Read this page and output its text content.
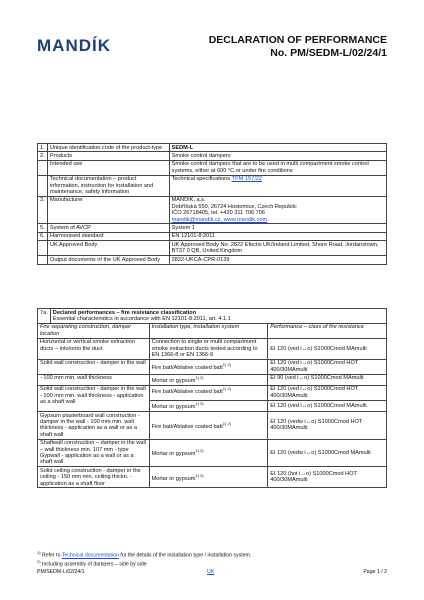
MANDÍK	DECLARATION OF PERFORMANCE
No. PM/SEDM-L/02/24/1
1.	Unique identification code of the product-type	SEDM-L
2.	Products	Smoke control dampers
	Intended use	Smoke control dampers that are to be used in multi compartment smoke control systems, either at 600 °C or under fire conditions
	Technical documentation – product information, instruction for installation and maintenance, safety information	Technical specifications TPM 157/22
3.	Manufacturer	MANDÍK, a.s.
Dobříšská 550, 26724 Hostomice, Czech Republic
IČO 26718405, tel. +420 311 706 706
mandik@mandik.cz, www.mandik.com

5.	System of AVCP	System 1
6.	Harmonised standard	EN 12101-8:2011
	UK Approved Body	UK Approved Body No. 2822 Efectis UK/Ireland Limited, Shore Road, Jordanstown, BT37 0 QB, United Kingdom
	Output documents of the UK Approved Body	2822-UKCA-CPR-0139
7a.	Declared performances – fire resistance classification
Essential characteristics in accordance with EN 12101-8:2011, art. 4.1.1		

Fire separating construction, damper location		Installation type, installation system	Performance – class of fire resistance
Horizontal or vertical smoke extraction ducts – into/onto the duct		Connection to single or multi compartment smoke extraction ducts tested according to EN 1366-8 or EN 1366-9	EI 120 (ved i↔o) S1000Cmod MAmulti
Solid wall construction - damper in the wall		Fire batt/Ablative coated batt$^{1) 2)}$	EI 120 (ved i↔o) S1000Cmod HOT 400/30MAmulti
- 100 mm min. wall thickness		Mortar or gypsum$^{1) 2)}$	EI 90 (ved i↔o) S1000Cmod MAmulti
Solid wall construction - damper in the wall - 100 mm min. wall thickness - application as a shaft wall		Fire batt/Ablative coated batt$^{1) 2)}$	EI 120 (ved i↔o) S1000Cmod HOT 400/30MAmulti
		Mortar or gypsum$^{1) 2)}$	EI 120 (ved i↔o) S1000Cmod MAmulti
Gypsum plasterboard wall construction - damper in the wall - 100 mm min. wall thickness - application as a wall or as a shaft wall		Fire batt/Ablative coated batt$^{1) 2)}$	EI 120 (vedw i↔o) S1000Cmod HOT 400/30MAmulti
Shaftwall construction – damper in the wall – wall thickness min. 107 mm - type Gypwall - application as a wall or as a shaft wall		Mortar or gypsum$^{1) 2)}$	EI 120 (vedw i↔o) S1000Cmod MAmulti
Solid ceiling construction - damper in the ceiling - 150 mm min. ceiling thickn. - application as a shaft floor		Mortar or gypsum$^{1) 2)}$	EI 120 (hot i↔o) S1000Cmod HOT 400/30MAmulti
$^{1)}$ Refer to Technical documentation for the details of the installation type / installation system.
$^{2)}$ Including assembly of dampers – side by side
PM/SEDM-L/02/24/1	UK	Page 1 / 2
